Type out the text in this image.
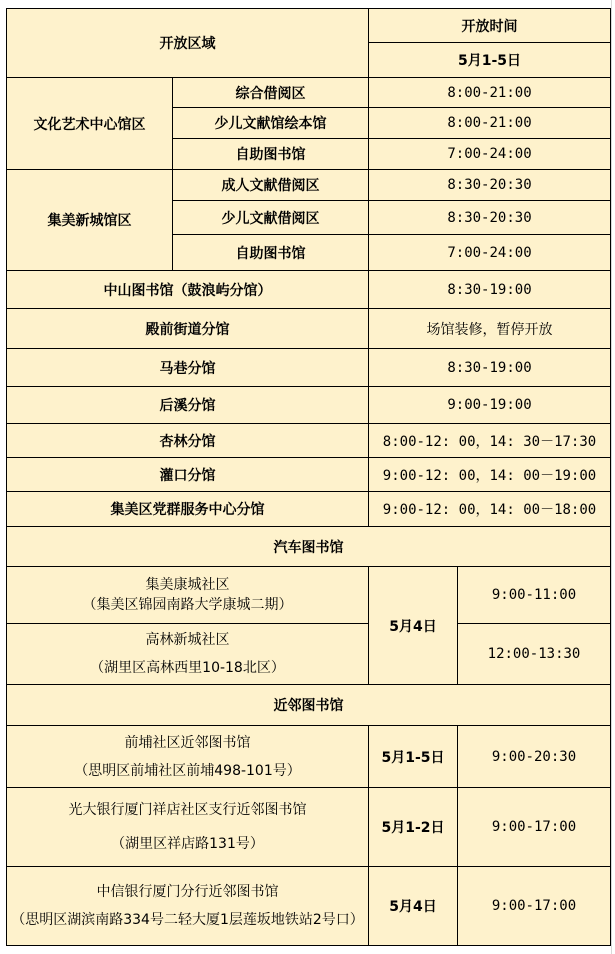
开放区域		开放时间	
		5月1-5日	
文化艺术中心馆区	综合借阅区	8:00-21:00	
	少儿文献馆绘本馆	8:00-21:00	
	自助图书馆	7:00-24:00	
集美新城馆区	成人文献借阅区	8:30-20:30	
	少儿文献借阅区	8:30-20:30	
	自助图书馆	7:00-24:00	
中山图书馆（鼓浪屿分馆）		8:30-19:00	
殿前街道分馆		场馆装修，暂停开放	
马巷分馆		8:30-19:00	
后溪分馆		9:00-19:00	
杏林分馆		8:00-12: 00，14: 30－17:30	
灌口分馆		9:00-12: 00，14: 00－19:00	
集美区党群服务中心分馆		9:00-12: 00，14: 00－18:00	
汽车图书馆			

集美康城社区
（集美区锦园南路大学康城二期）		5月4日	9:00-11:00

高林新城社区
（湖里区高林西里10-18北区）			12:00-13:30
近邻图书馆			

前埔社区近邻图书馆
（思明区前埔社区前埔498-101号）		5月1-5日	9:00-20:30

光大银行厦门祥店社区支行近邻图书馆
（湖里区祥店路131号）		5月1-2日	9:00-17:00

中信银行厦门分行近邻图书馆
（思明区湖滨南路334号二轻大厦1层莲坂地铁站2号口）		5月4日	9:00-17:00
